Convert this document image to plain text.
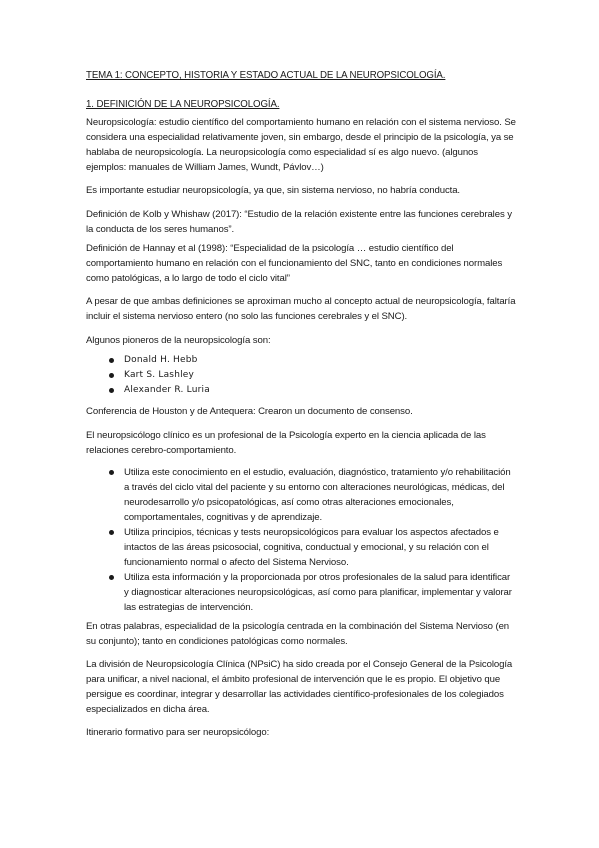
TEMA 1: CONCEPTO, HISTORIA Y ESTADO ACTUAL DE LA NEUROPSICOLOGÍA.

1. DEFINICIÓN DE LA NEUROPSICOLOGÍA.

Neuropsicología: estudio científico del comportamiento humano en relación con el sistema nervioso. Se considera una especialidad relativamente joven, sin embargo, desde el principio de la psicología, ya se hablaba de neuropsicología. La neuropsicología como especialidad sí es algo nuevo. (algunos ejemplos: manuales de William James, Wundt, Pávlov…)

Es importante estudiar neuropsicología, ya que, sin sistema nervioso, no habría conducta.

Definición de Kolb y Whishaw (2017): “Estudio de la relación existente entre las funciones cerebrales y la conducta de los seres humanos”.

Definición de Hannay et al (1998): “Especialidad de la psicología … estudio científico del comportamiento humano en relación con el funcionamiento del SNC, tanto en condiciones normales como patológicas, a lo largo de todo el ciclo vital”

A pesar de que ambas definiciones se aproximan mucho al concepto actual de neuropsicología, faltaría incluir el sistema nervioso entero (no solo las funciones cerebrales y el SNC).

Algunos pioneros de la neuropsicología son:

Donald H. Hebb
Kart S. Lashley
Alexander R. Luria

Conferencia de Houston y de Antequera: Crearon un documento de consenso.

El neuropsicólogo clínico es un profesional de la Psicología experto en la ciencia aplicada de las relaciones cerebro-comportamiento.

Utiliza este conocimiento en el estudio, evaluación, diagnóstico, tratamiento y/o rehabilitación a través del ciclo vital del paciente y su entorno con alteraciones neurológicas, médicas, del neurodesarrollo y/o psicopatológicas, así como otras alteraciones emocionales, comportamentales, cognitivas y de aprendizaje.
Utiliza principios, técnicas y tests neuropsicológicos para evaluar los aspectos afectados e intactos de las áreas psicosocial, cognitiva, conductual y emocional, y su relación con el funcionamiento normal o afecto del Sistema Nervioso.
Utiliza esta información y la proporcionada por otros profesionales de la salud para identificar y diagnosticar alteraciones neuropsicológicas, así como para planificar, implementar y valorar las estrategias de intervención.

En otras palabras, especialidad de la psicología centrada en la combinación del Sistema Nervioso (en su conjunto); tanto en condiciones patológicas como normales.

La división de Neuropsicología Clínica (NPsiC) ha sido creada por el Consejo General de la Psicología para unificar, a nivel nacional, el ámbito profesional de intervención que le es propio. El objetivo que persigue es coordinar, integrar y desarrollar las actividades científico-profesionales de los colegiados especializados en dicha área.

Itinerario formativo para ser neuropsicólogo:
